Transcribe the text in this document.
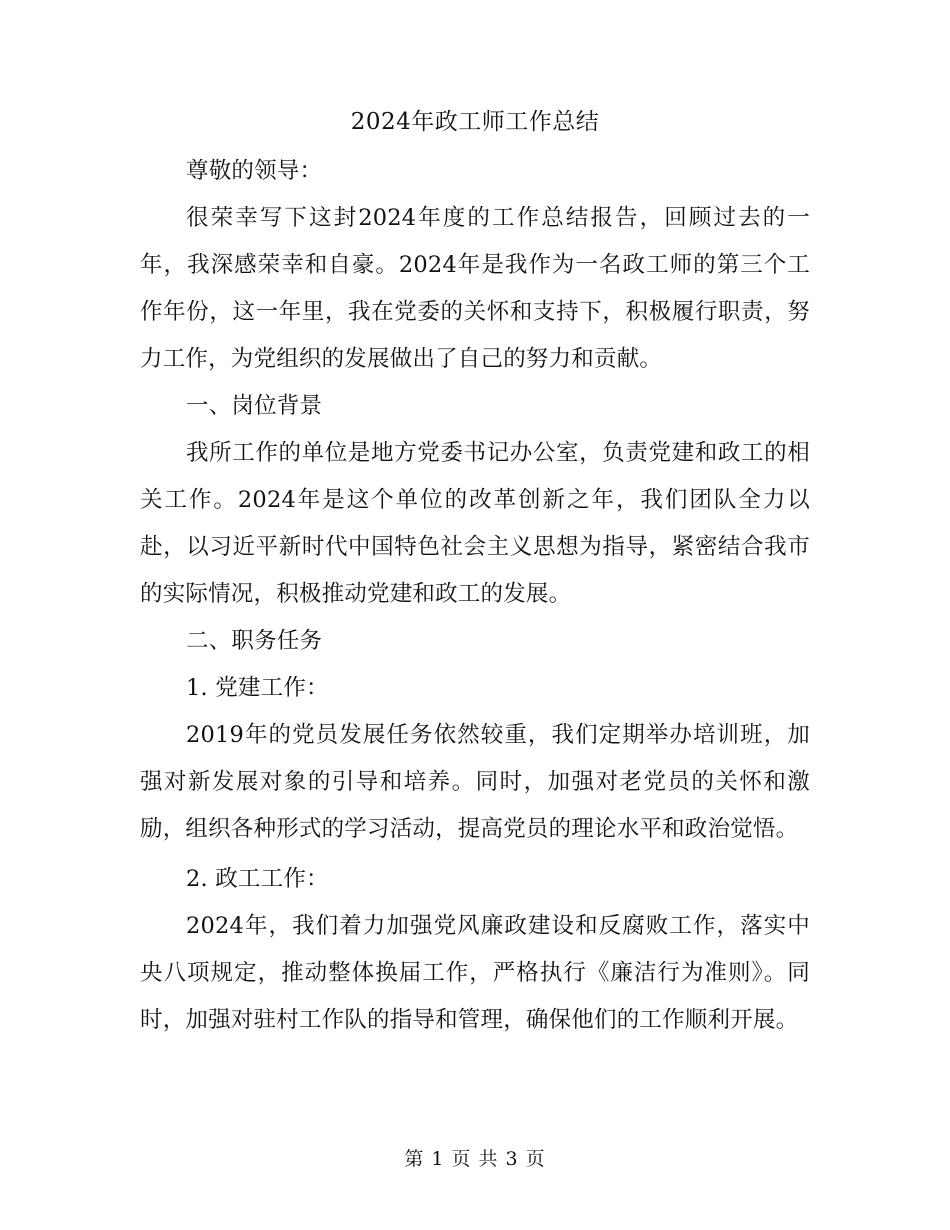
2024年政工师工作总结

尊敬的领导：

很荣幸写下这封2024年度的工作总结报告，回顾过去的一年，我深感荣幸和自豪。2024年是我作为一名政工师的第三个工作年份，这一年里，我在党委的关怀和支持下，积极履行职责，努力工作，为党组织的发展做出了自己的努力和贡献。

一、岗位背景

我所工作的单位是地方党委书记办公室，负责党建和政工的相关工作。2024年是这个单位的改革创新之年，我们团队全力以赴，以习近平新时代中国特色社会主义思想为指导，紧密结合我市的实际情况，积极推动党建和政工的发展。

二、职务任务

1. 党建工作：

2019年的党员发展任务依然较重，我们定期举办培训班，加强对新发展对象的引导和培养。同时，加强对老党员的关怀和激励，组织各种形式的学习活动，提高党员的理论水平和政治觉悟。

2. 政工工作：

2024年，我们着力加强党风廉政建设和反腐败工作，落实中央八项规定，推动整体换届工作，严格执行《廉洁行为准则》。同时，加强对驻村工作队的指导和管理，确保他们的工作顺利开展。

第 1 页 共 3 页
